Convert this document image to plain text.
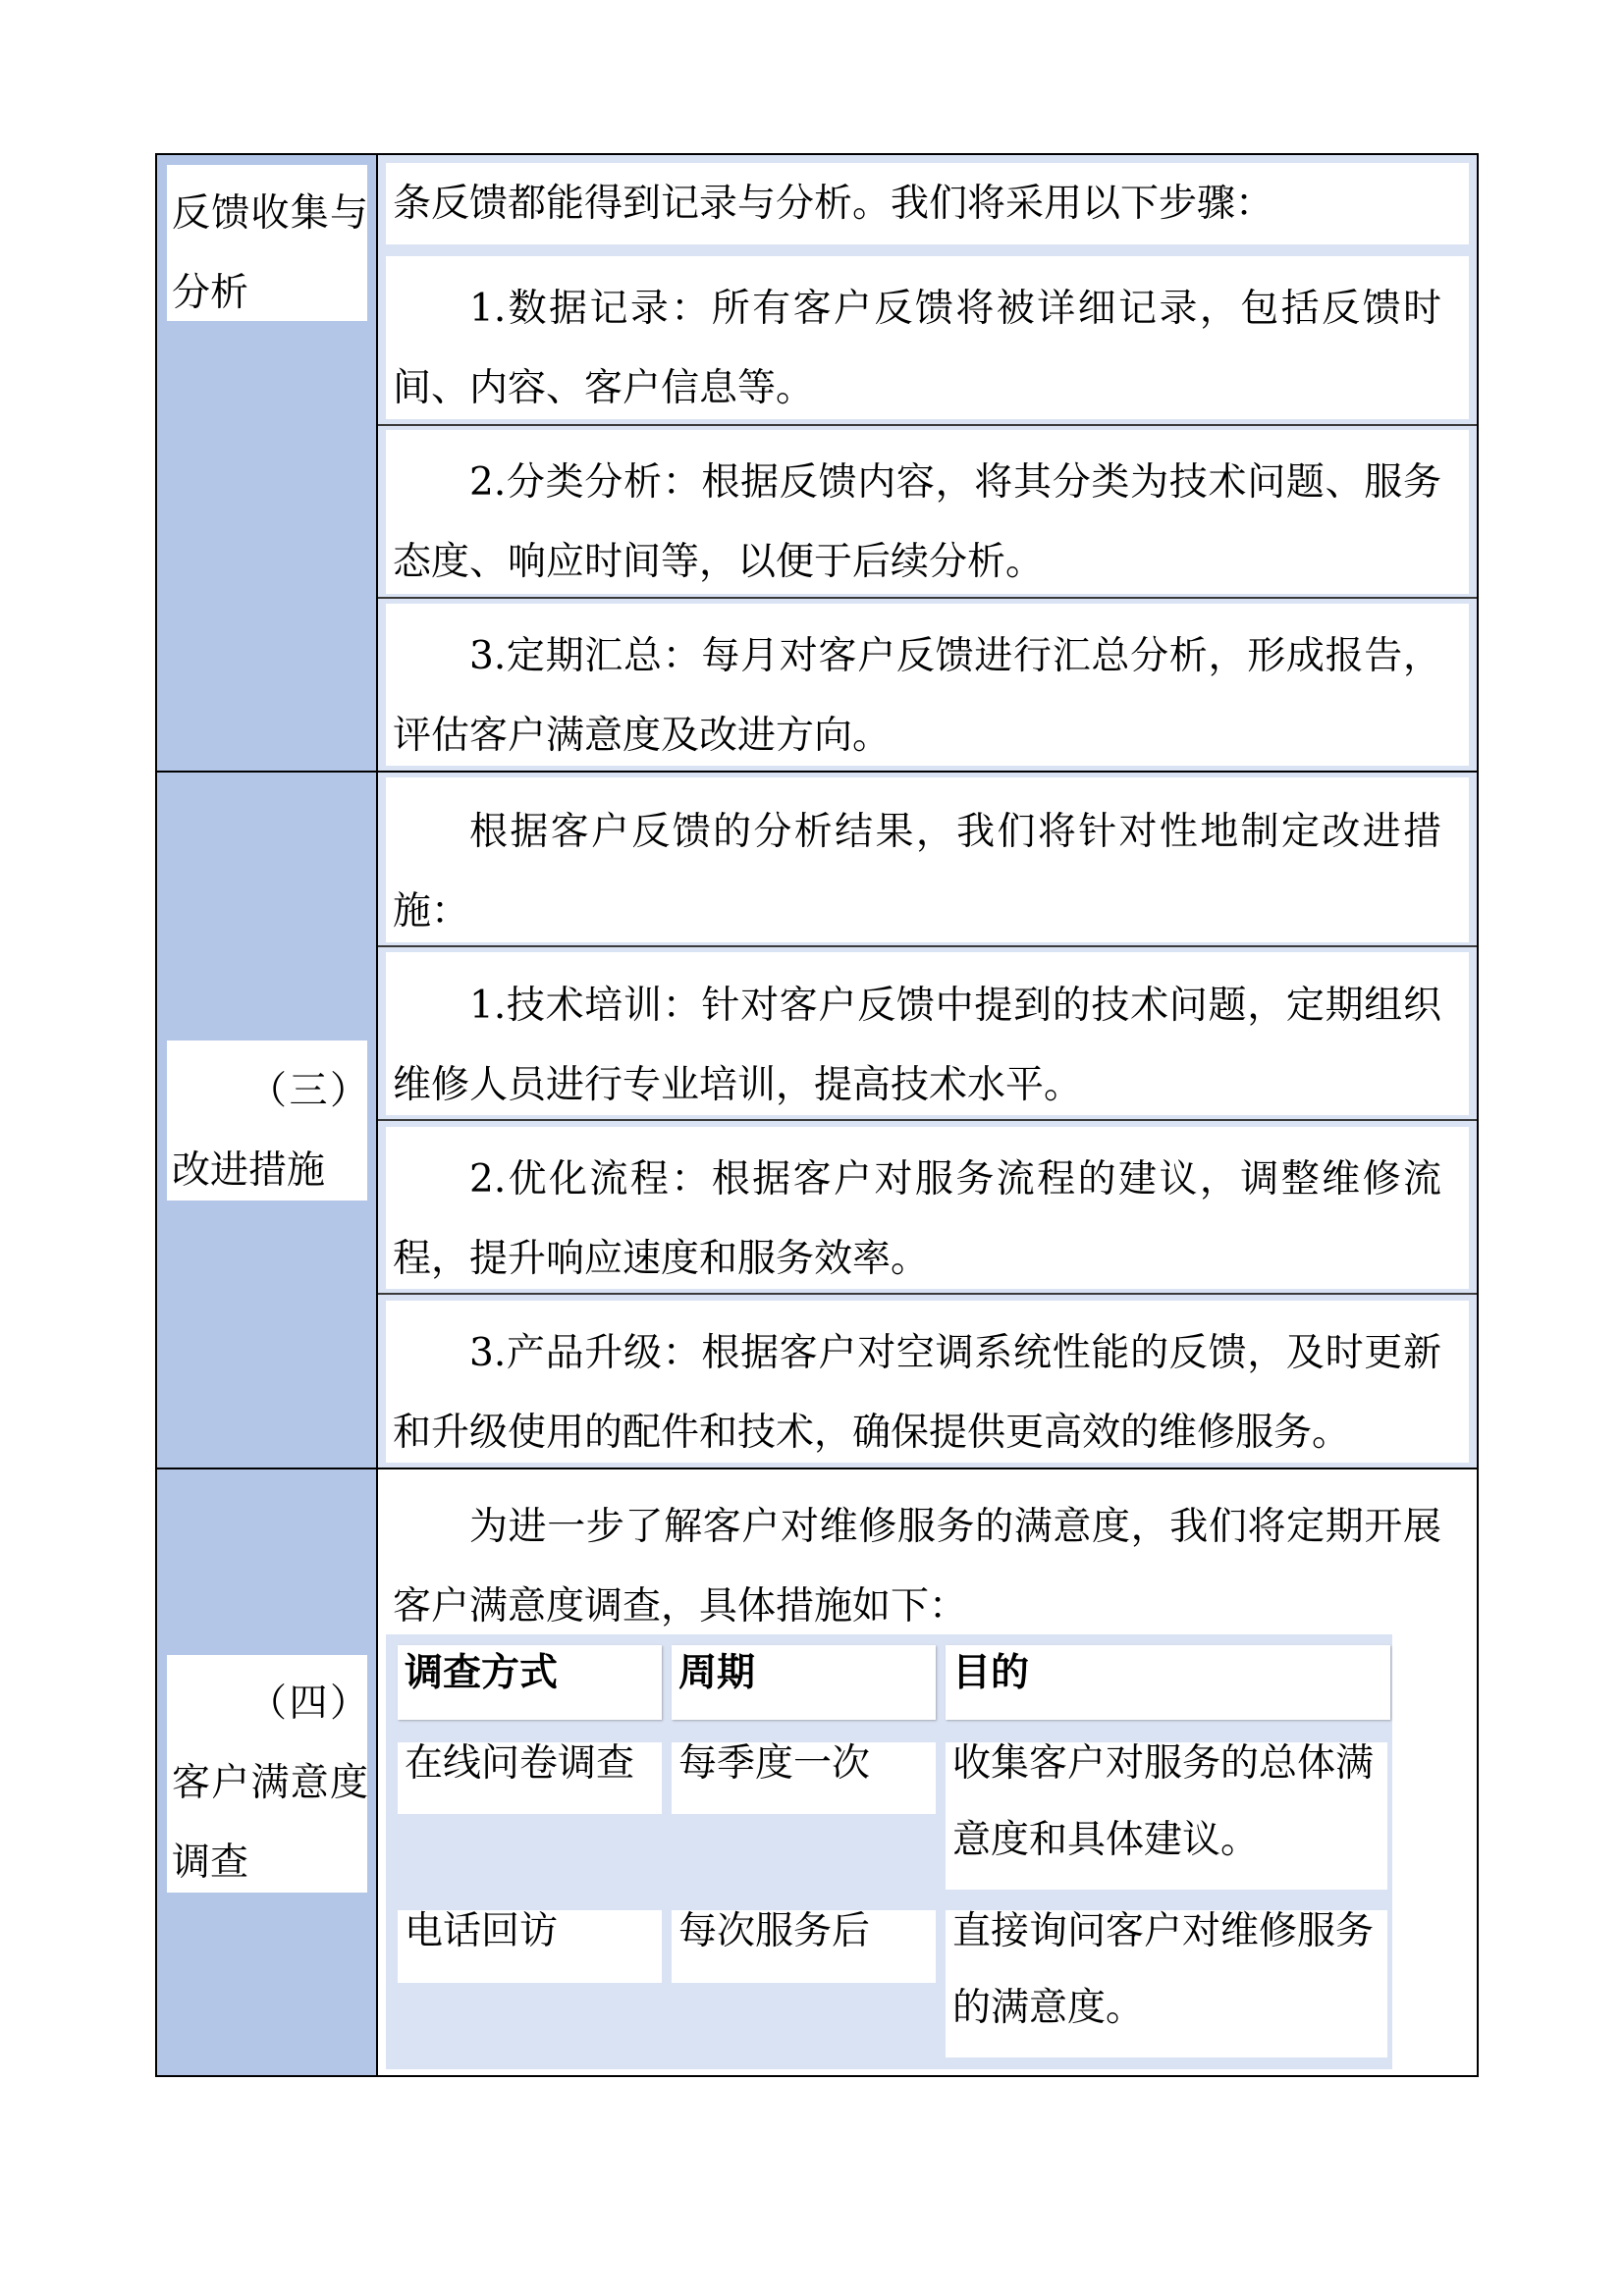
反馈收集与分析
条反馈都能得到记录与分析。我们将采用以下步骤：
1.数据记录：所有客户反馈将被详细记录，包括反馈时间、内容、客户信息等。
2.分类分析：根据反馈内容，将其分类为技术问题、服务态度、响应时间等，以便于后续分析。
3.定期汇总：每月对客户反馈进行汇总分析，形成报告，评估客户满意度及改进方向。
（三）改进措施
根据客户反馈的分析结果，我们将针对性地制定改进措施：
1.技术培训：针对客户反馈中提到的技术问题，定期组织维修人员进行专业培训，提高技术水平。
2.优化流程：根据客户对服务流程的建议，调整维修流程，提升响应速度和服务效率。
3.产品升级：根据客户对空调系统性能的反馈，及时更新和升级使用的配件和技术，确保提供更高效的维修服务。
（四）客户满意度调查
为进一步了解客户对维修服务的满意度，我们将定期开展客户满意度调查，具体措施如下：
调查方式	周期	目的
在线问卷调查	每季度一次	收集客户对服务的总体满意度和具体建议。
电话回访	每次服务后	直接询问客户对维修服务的满意度。
